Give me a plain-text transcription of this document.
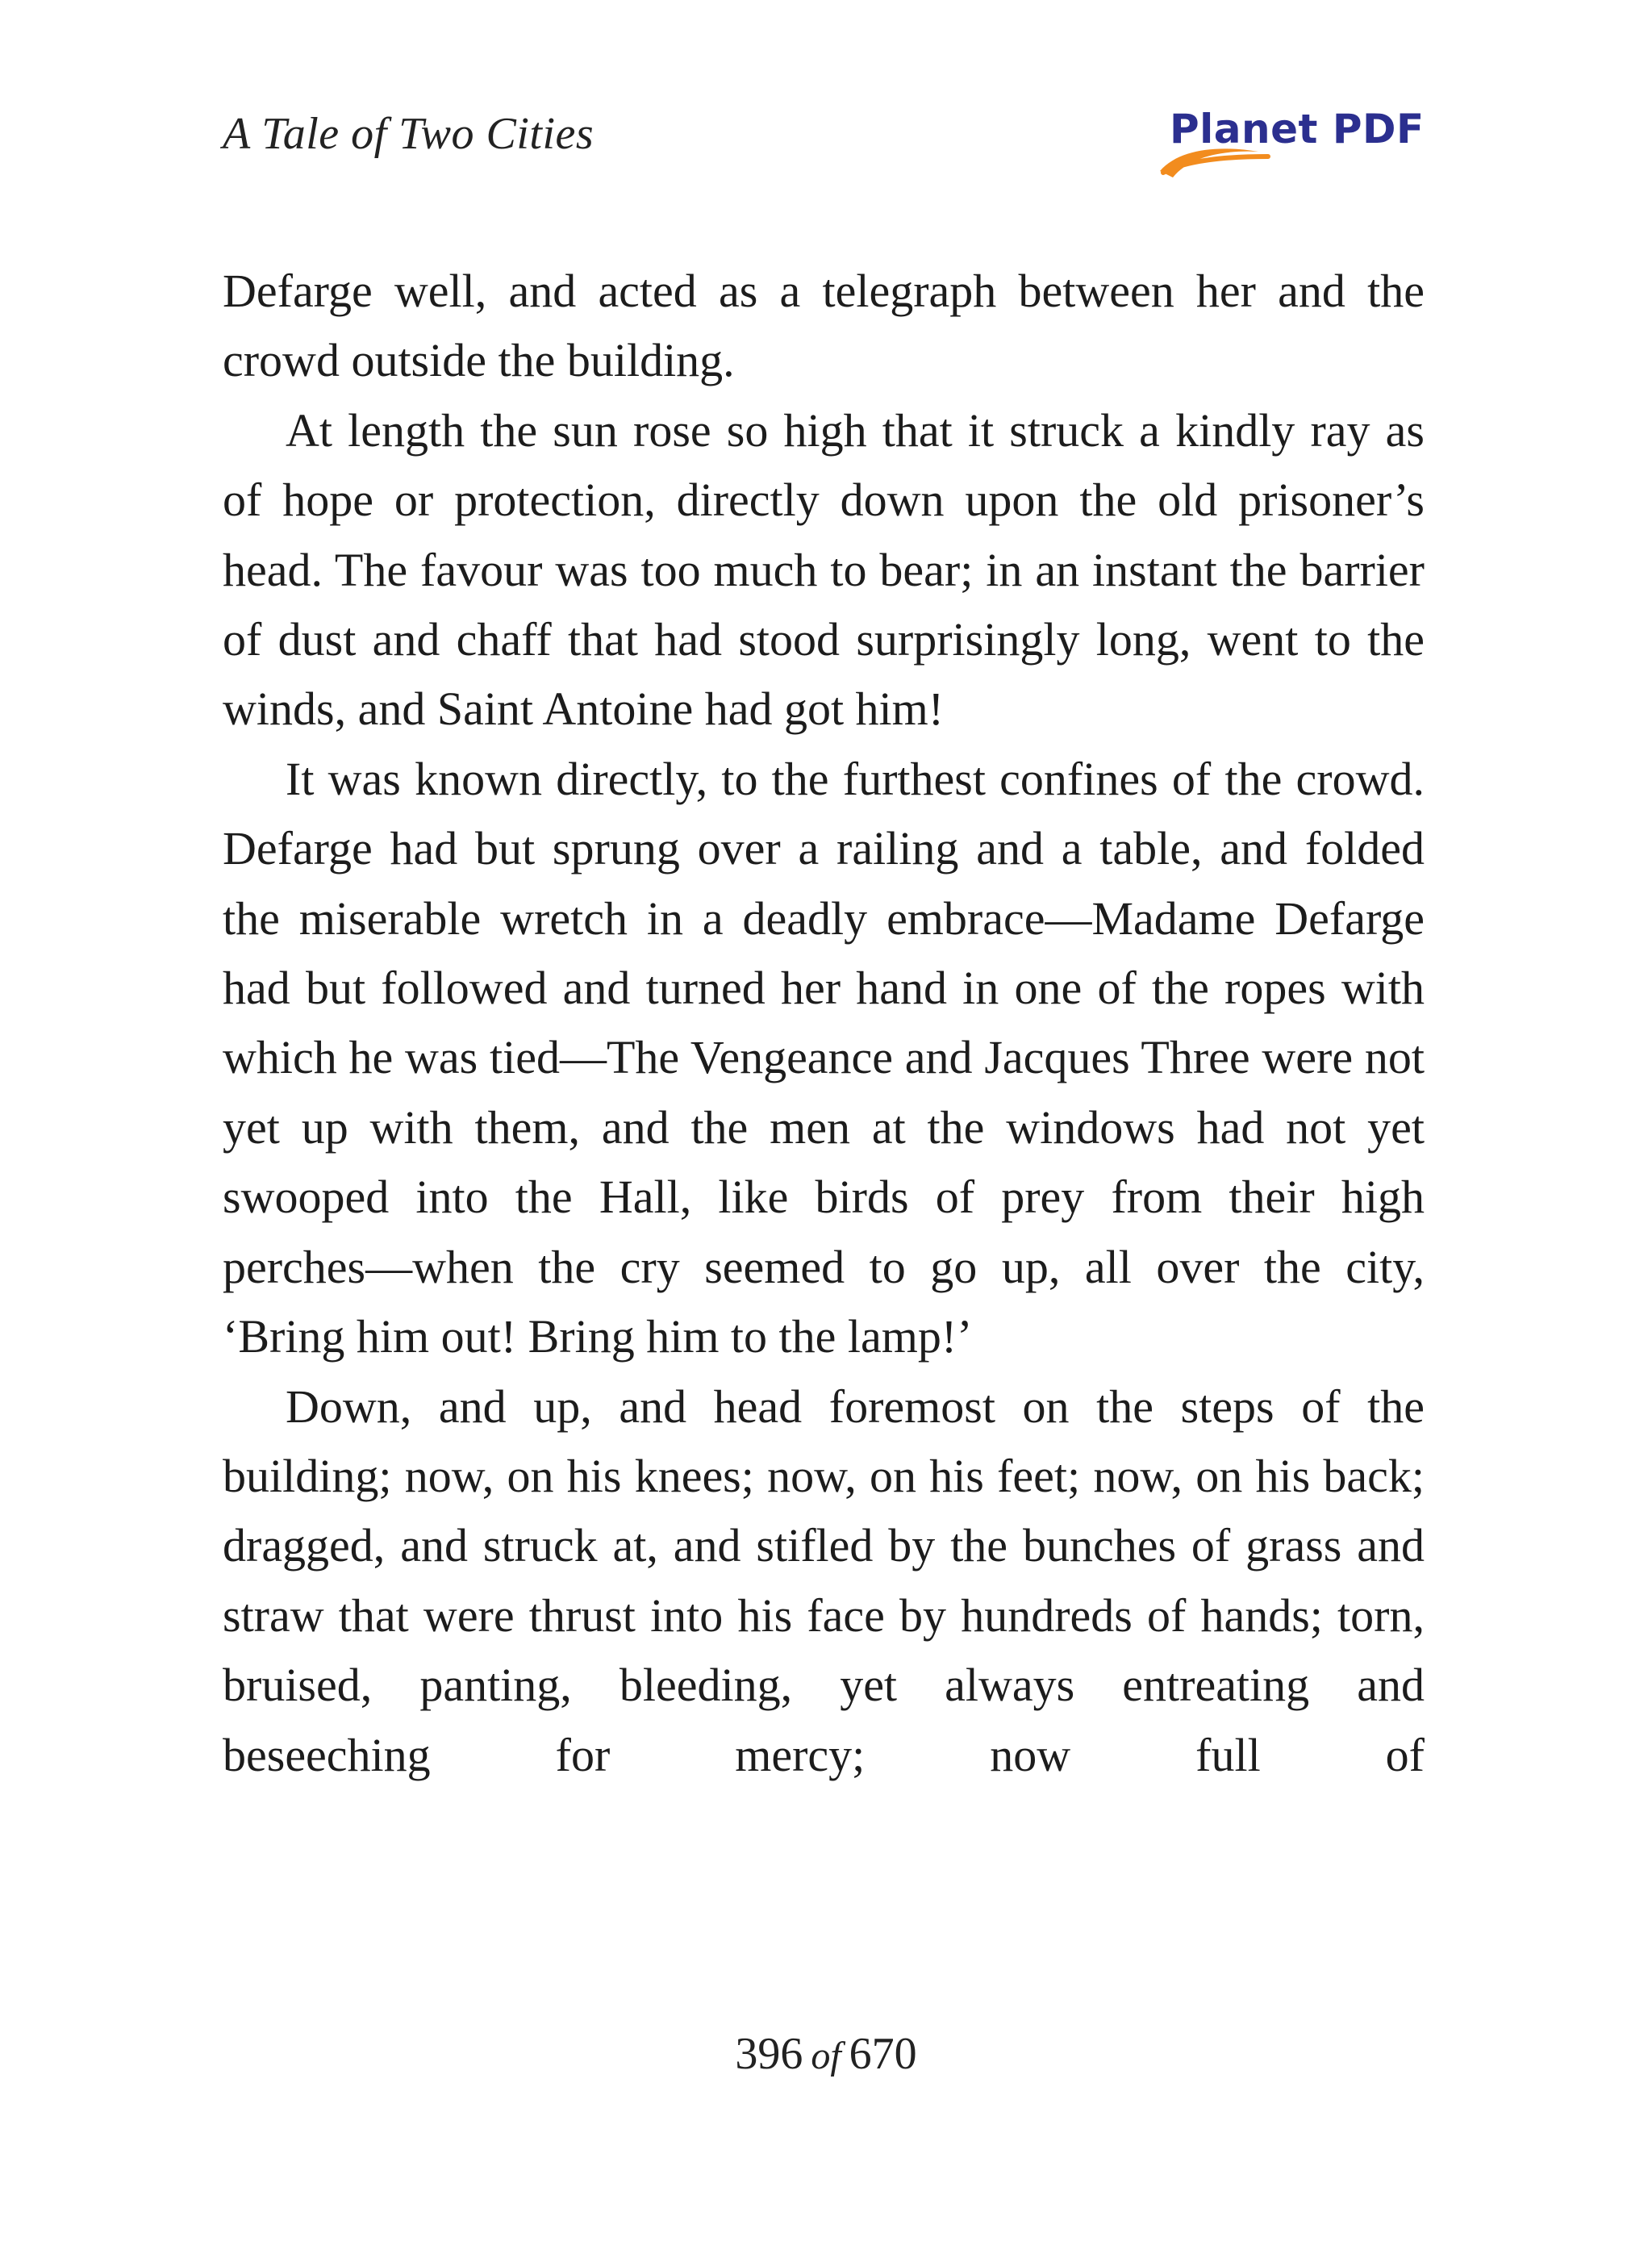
A Tale of Two Cities	Planet PDF

Defarge well, and acted as a telegraph between her and the crowd outside the building.

At length the sun rose so high that it struck a kindly ray as of hope or protection, directly down upon the old prisoner’s head. The favour was too much to bear; in an instant the barrier of dust and chaff that had stood surprisingly long, went to the winds, and Saint Antoine had got him!

It was known directly, to the furthest confines of the crowd. Defarge had but sprung over a railing and a table, and folded the miserable wretch in a deadly embrace—Madame Defarge had but followed and turned her hand in one of the ropes with which he was tied—The Vengeance and Jacques Three were not yet up with them, and the men at the windows had not yet swooped into the Hall, like birds of prey from their high perches—when the cry seemed to go up, all over the city, ‘Bring him out! Bring him to the lamp!’

Down, and up, and head foremost on the steps of the building; now, on his knees; now, on his feet; now, on his back; dragged, and struck at, and stifled by the bunches of grass and straw that were thrust into his face by hundreds of hands; torn, bruised, panting, bleeding, yet always entreating and beseeching for mercy; now full of

396 of 670
